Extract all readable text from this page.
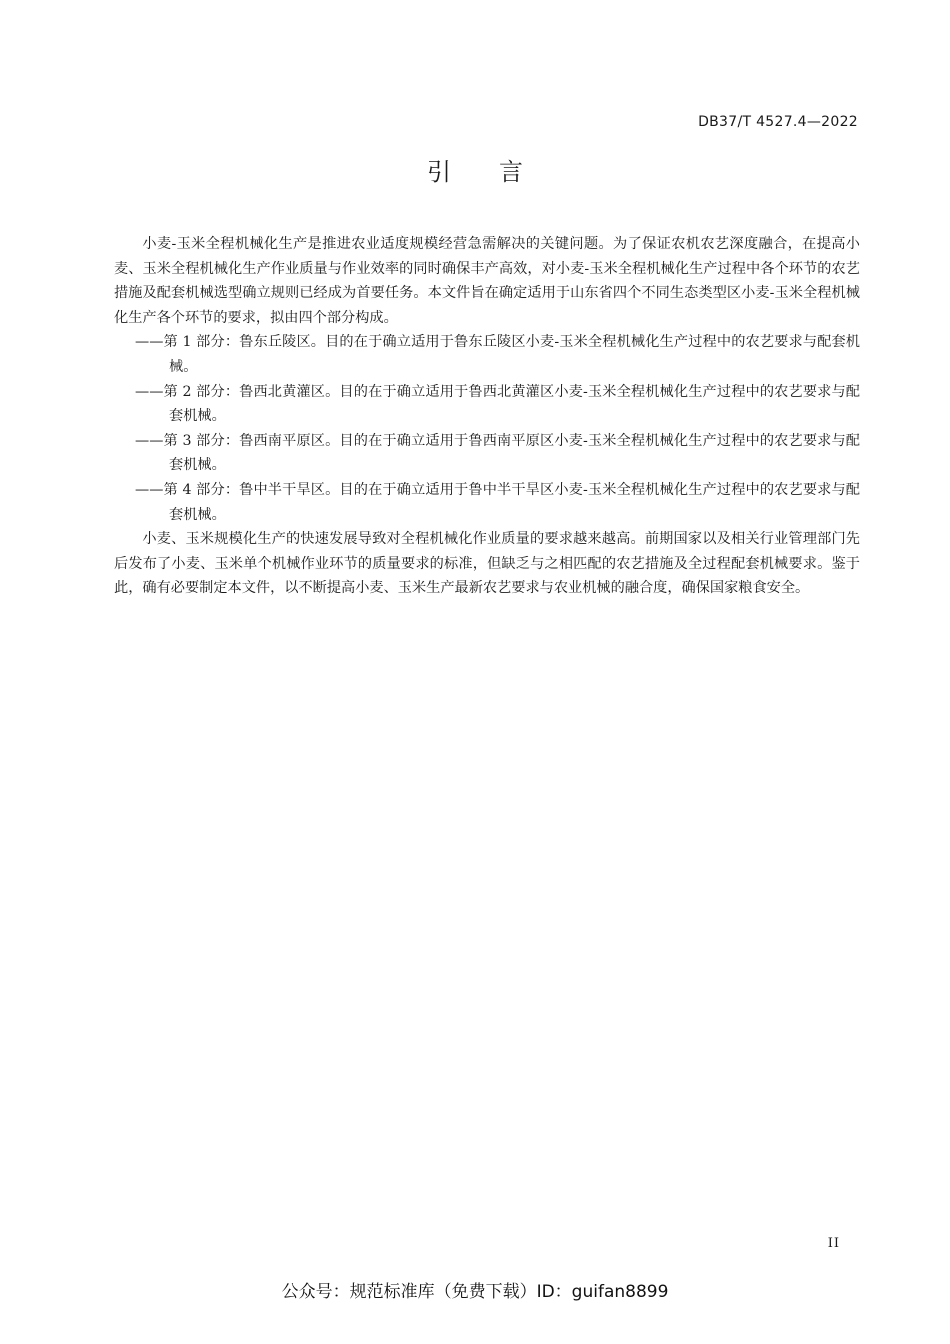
DB37/T 4527.4—2022
引言

小麦-玉米全程机械化生产是推进农业适度规模经营急需解决的关键问题。为了保证农机农艺深度融合，在提高小麦、玉米全程机械化生产作业质量与作业效率的同时确保丰产高效，对小麦-玉米全程机械化生产过程中各个环节的农艺措施及配套机械选型确立规则已经成为首要任务。本文件旨在确定适用于山东省四个不同生态类型区小麦-玉米全程机械化生产各个环节的要求，拟由四个部分构成。

——第 1 部分：鲁东丘陵区。目的在于确立适用于鲁东丘陵区小麦-玉米全程机械化生产过程中的农艺要求与配套机械。

——第 2 部分：鲁西北黄灌区。目的在于确立适用于鲁西北黄灌区小麦-玉米全程机械化生产过程中的农艺要求与配套机械。

——第 3 部分：鲁西南平原区。目的在于确立适用于鲁西南平原区小麦-玉米全程机械化生产过程中的农艺要求与配套机械。

——第 4 部分：鲁中半干旱区。目的在于确立适用于鲁中半干旱区小麦-玉米全程机械化生产过程中的农艺要求与配套机械。

小麦、玉米规模化生产的快速发展导致对全程机械化作业质量的要求越来越高。前期国家以及相关行业管理部门先后发布了小麦、玉米单个机械作业环节的质量要求的标准，但缺乏与之相匹配的农艺措施及全过程配套机械要求。鉴于此，确有必要制定本文件，以不断提高小麦、玉米生产最新农艺要求与农业机械的融合度，确保国家粮食安全。

II
公众号：规范标准库（免费下载）ID：guifan8899
